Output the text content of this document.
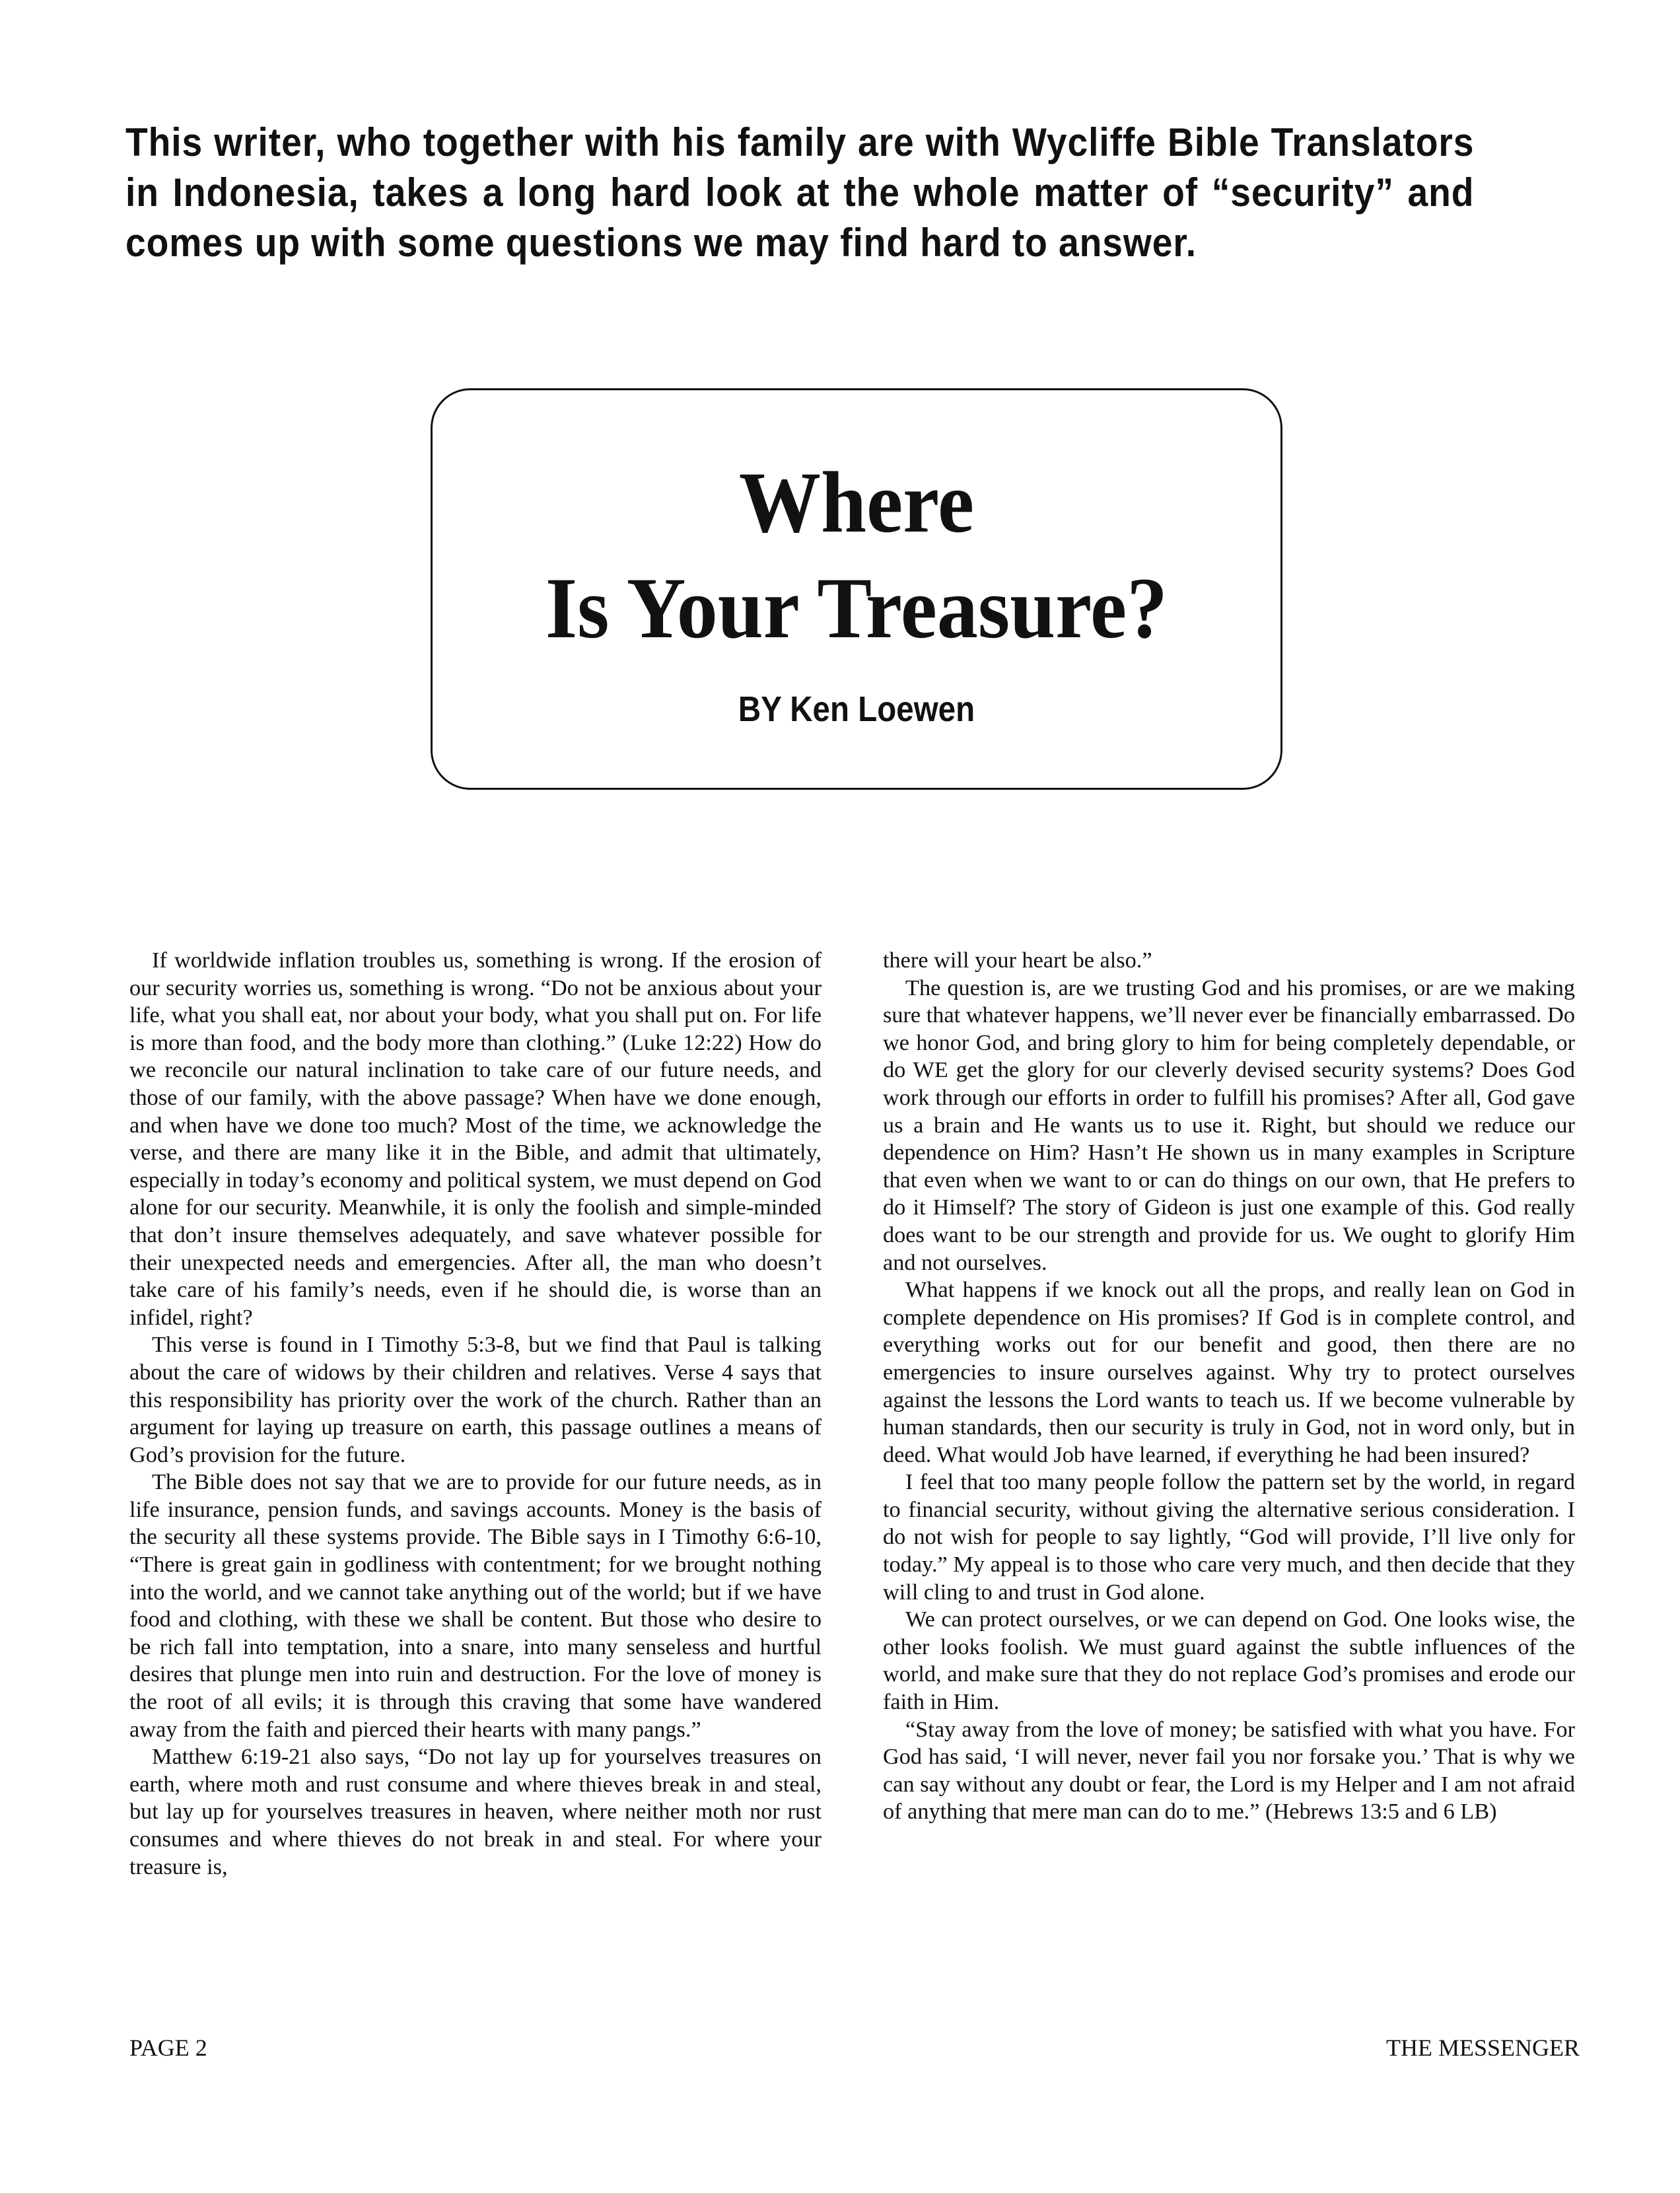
This writer, who together with his family are with Wycliffe Bible Translators in Indonesia, takes a long hard look at the whole matter of “security” and comes up with some questions we may find hard to answer.
Where
Is Your Treasure?
BY Ken Loewen

If worldwide inflation troubles us, something is wrong. If the erosion of our security worries us, something is wrong. “Do not be anxious about your life, what you shall eat, nor about your body, what you shall put on. For life is more than food, and the body more than clothing.” (Luke 12:22) How do we reconcile our natural inclination to take care of our future needs, and those of our family, with the above passage? When have we done enough, and when have we done too much? Most of the time, we acknowledge the verse, and there are many like it in the Bible, and admit that ultimately, especially in today’s economy and political system, we must depend on God alone for our security. Meanwhile, it is only the foolish and simple-minded that don’t insure themselves adequately, and save whatever possible for their unexpected needs and emergencies. After all, the man who doesn’t take care of his family’s needs, even if he should die, is worse than an infidel, right?

This verse is found in I Timothy 5:3-8, but we find that Paul is talking about the care of widows by their children and relatives. Verse 4 says that this responsibility has priority over the work of the church. Rather than an argument for laying up treasure on earth, this passage outlines a means of God’s provision for the future.

The Bible does not say that we are to provide for our future needs, as in life insurance, pension funds, and savings accounts. Money is the basis of the security all these systems provide. The Bible says in I Timothy 6:6-10, “There is great gain in godliness with contentment; for we brought nothing into the world, and we cannot take anything out of the world; but if we have food and clothing, with these we shall be content. But those who desire to be rich fall into temptation, into a snare, into many senseless and hurtful desires that plunge men into ruin and destruction. For the love of money is the root of all evils; it is through this craving that some have wandered away from the faith and pierced their hearts with many pangs.”

Matthew 6:19-21 also says, “Do not lay up for yourselves treasures on earth, where moth and rust consume and where thieves break in and steal, but lay up for yourselves treasures in heaven, where neither moth nor rust consumes and where thieves do not break in and steal. For where your treasure is,

there will your heart be also.”

The question is, are we trusting God and his promises, or are we making sure that whatever happens, we’ll never ever be financially embarrassed. Do we honor God, and bring glory to him for being completely dependable, or do WE get the glory for our cleverly devised security systems? Does God work through our efforts in order to fulfill his promises? After all, God gave us a brain and He wants us to use it. Right, but should we reduce our dependence on Him? Hasn’t He shown us in many examples in Scripture that even when we want to or can do things on our own, that He prefers to do it Himself? The story of Gideon is just one example of this. God really does want to be our strength and provide for us. We ought to glorify Him and not ourselves.

What happens if we knock out all the props, and really lean on God in complete dependence on His promises? If God is in complete control, and everything works out for our benefit and good, then there are no emergencies to insure ourselves against. Why try to protect ourselves against the lessons the Lord wants to teach us. If we become vulnerable by human standards, then our security is truly in God, not in word only, but in deed. What would Job have learned, if everything he had been insured?

I feel that too many people follow the pattern set by the world, in regard to financial security, without giving the alternative serious consideration. I do not wish for people to say lightly, “God will provide, I’ll live only for today.” My appeal is to those who care very much, and then decide that they will cling to and trust in God alone.

We can protect ourselves, or we can depend on God. One looks wise, the other looks foolish. We must guard against the subtle influences of the world, and make sure that they do not replace God’s promises and erode our faith in Him.

“Stay away from the love of money; be satisfied with what you have. For God has said, ‘I will never, never fail you nor forsake you.’ That is why we can say without any doubt or fear, the Lord is my Helper and I am not afraid of anything that mere man can do to me.” (Hebrews 13:5 and 6 LB)

PAGE 2	THE MESSENGER
